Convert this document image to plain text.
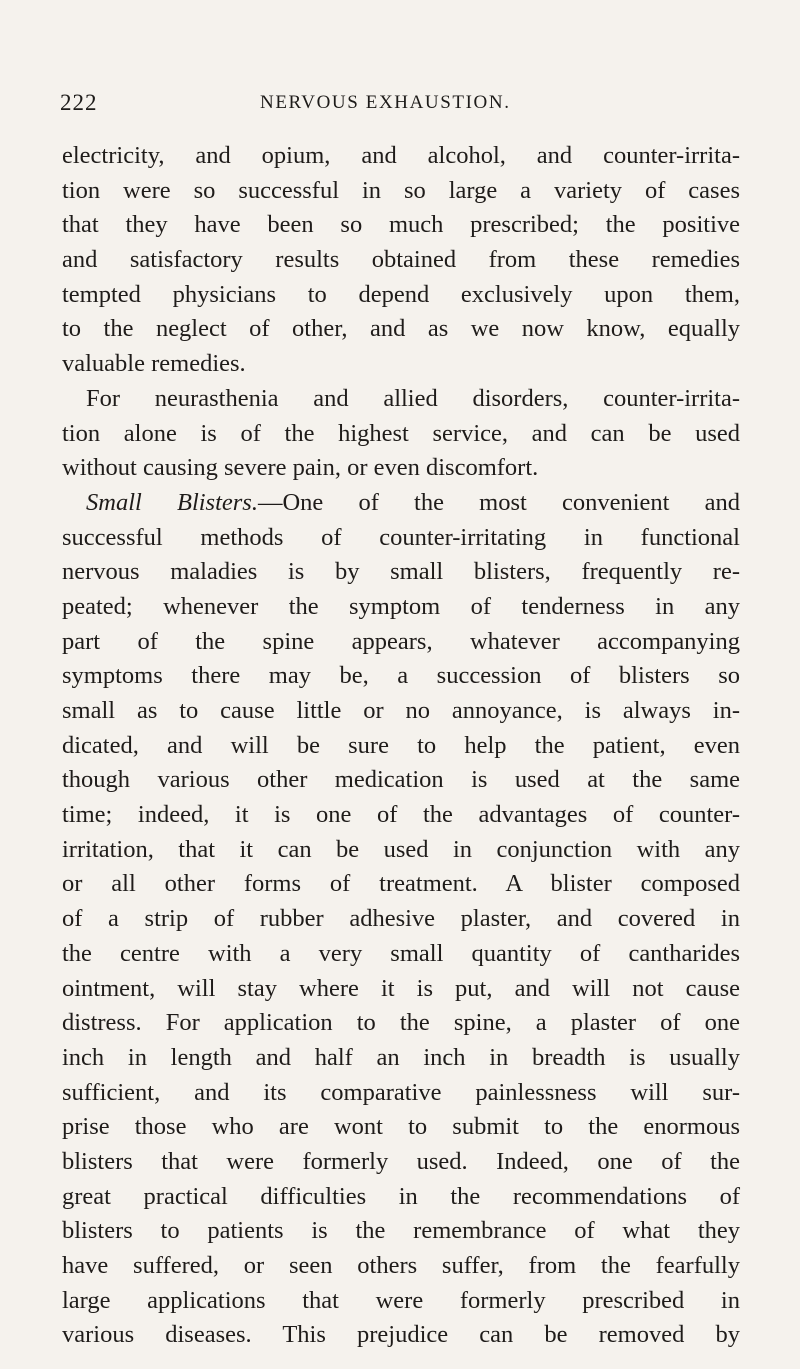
222	NERVOUS EXHAUSTION.
electricity, and opium, and alcohol, and counter-irrita-
tion were so successful in so large a variety of cases
that they have been so much prescribed; the positive
and satisfactory results obtained from these remedies
tempted physicians to depend exclusively upon them,
to the neglect of other, and as we now know, equally
valuable remedies.
For neurasthenia and allied disorders, counter-irrita-
tion alone is of the highest service, and can be used
without causing severe pain, or even discomfort.
Small Blisters.—One of the most convenient and
successful methods of counter-irritating in functional
nervous maladies is by small blisters, frequently re-
peated; whenever the symptom of tenderness in any
part of the spine appears, whatever accompanying
symptoms there may be, a succession of blisters so
small as to cause little or no annoyance, is always in-
dicated, and will be sure to help the patient, even
though various other medication is used at the same
time; indeed, it is one of the advantages of counter-
irritation, that it can be used in conjunction with any
or all other forms of treatment. A blister composed
of a strip of rubber adhesive plaster, and covered in
the centre with a very small quantity of cantharides
ointment, will stay where it is put, and will not cause
distress. For application to the spine, a plaster of one
inch in length and half an inch in breadth is usually
sufficient, and its comparative painlessness will sur-
prise those who are wont to submit to the enormous
blisters that were formerly used. Indeed, one of the
great practical difficulties in the recommendations of
blisters to patients is the remembrance of what they
have suffered, or seen others suffer, from the fearfully
large applications that were formerly prescribed in
various diseases. This prejudice can be removed by
